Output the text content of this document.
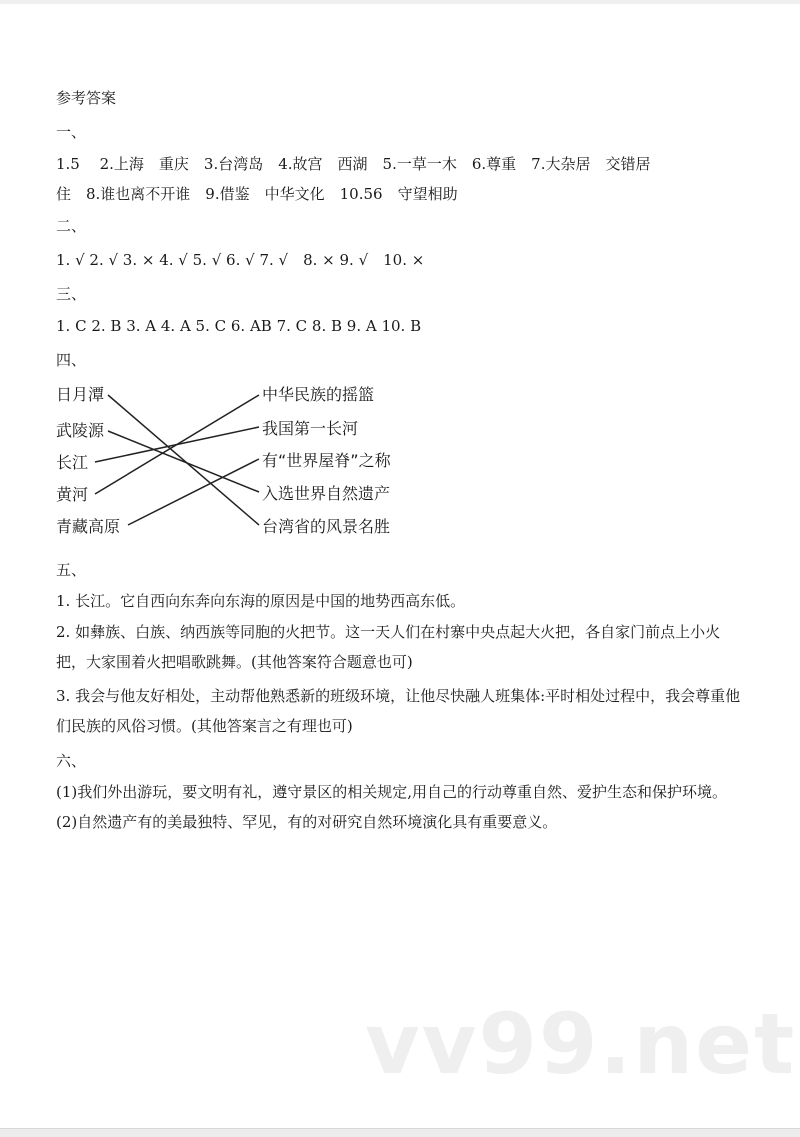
参考答案
一、
1.5　 2.上海　重庆　3.台湾岛　4.故宫　西湖　5.一草一木　6.尊重　7.大杂居　交错居
住　8.谁也离不开谁　9.借鉴　中华文化　10.56　守望相助
二、
1. √ 2. √ 3. × 4. √ 5. √ 6. √ 7. √　8. × 9. √　10. ×
三、
1. C 2. B 3. A 4. A 5. C 6. AB 7. C 8. B 9. A 10. B
四、
日月潭
武陵源
长江
黄河
青藏高原
中华民族的摇篮
我国第一长河
有“世界屋脊”之称
入选世界自然遗产
台湾省的风景名胜
五、
1. 长江。它自西向东奔向东海的原因是中国的地势西高东低。
2. 如彝族、白族、纳西族等同胞的火把节。这一天人们在村寨中央点起大火把，各自家门前点上小火把，大家围着火把唱歌跳舞。(其他答案符合题意也可)
3. 我会与他友好相处，主动帮他熟悉新的班级环境，让他尽快融人班集体:平时相处过程中，我会尊重他们民族的风俗习惯。(其他答案言之有理也可)
六、
(1)我们外出游玩，要文明有礼，遵守景区的相关规定,用自己的行动尊重自然、爱护生态和保护环境。(2)自然遗产有的美最独特、罕见，有的对研究自然环境演化具有重要意义。
vv99.net
